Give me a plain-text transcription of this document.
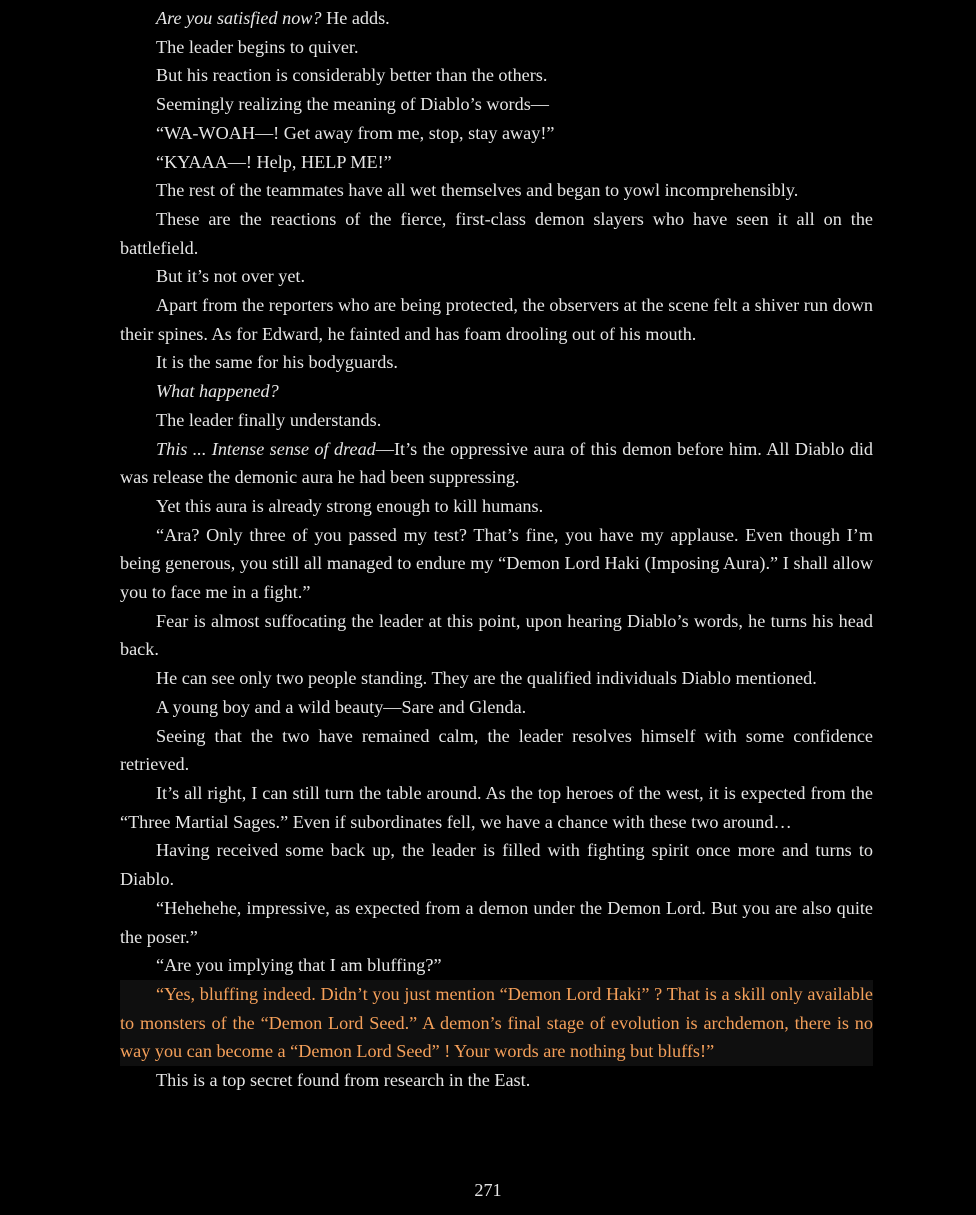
Are you satisfied now? He adds.

The leader begins to quiver.

But his reaction is considerably better than the others.

Seemingly realizing the meaning of Diablo’s words—

“WA-WOAH—! Get away from me, stop, stay away!”

“KYAAA—! Help, HELP ME!”

The rest of the teammates have all wet themselves and began to yowl incomprehensibly.

These are the reactions of the fierce, first-class demon slayers who have seen it all on the battlefield.

But it’s not over yet.

Apart from the reporters who are being protected, the observers at the scene felt a shiver run down their spines. As for Edward, he fainted and has foam drooling out of his mouth.

It is the same for his bodyguards.

What happened?

The leader finally understands.

This ... Intense sense of dread—It’s the oppressive aura of this demon before him. All Diablo did was release the demonic aura he had been suppressing.

Yet this aura is already strong enough to kill humans.

“Ara? Only three of you passed my test? That’s fine, you have my applause. Even though I’m being generous, you still all managed to endure my “Demon Lord Haki (Imposing Aura).” I shall allow you to face me in a fight.”

Fear is almost suffocating the leader at this point, upon hearing Diablo’s words, he turns his head back.

He can see only two people standing. They are the qualified individuals Diablo mentioned.

A young boy and a wild beauty—Sare and Glenda.

Seeing that the two have remained calm, the leader resolves himself with some confidence retrieved.

It’s all right, I can still turn the table around. As the top heroes of the west, it is expected from the “Three Martial Sages.” Even if subordinates fell, we have a chance with these two around…

Having received some back up, the leader is filled with fighting spirit once more and turns to Diablo.

“Hehehehe, impressive, as expected from a demon under the Demon Lord. But you are also quite the poser.”

“Are you implying that I am bluffing?”

“Yes, bluffing indeed. Didn’t you just mention “Demon Lord Haki” ? That is a skill only available to monsters of the “Demon Lord Seed.” A demon’s final stage of evolution is archdemon, there is no way you can become a “Demon Lord Seed” ! Your words are nothing but bluffs!”

This is a top secret found from research in the East.

271
